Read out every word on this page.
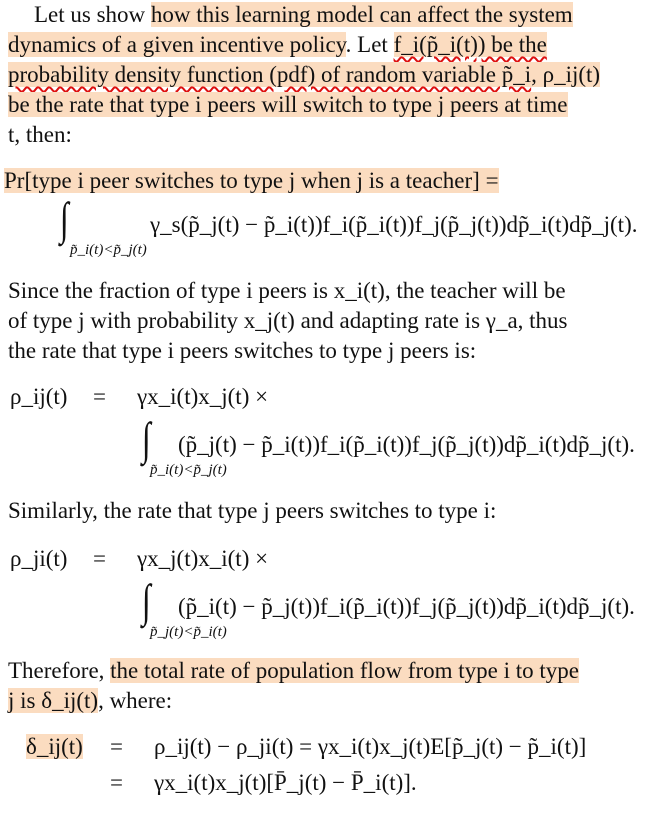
Let us show how this learning model can affect the system
dynamics of a given incentive policy. Let f_i(p̃_i(t)) be the
probability density function (pdf) of random variable p̃_i, ρ_ij(t)
be the rate that type i peers will switch to type j peers at time
t, then:
Pr[type i peer switches to type j when j is a teacher] =
∫	γ_s(p̃_j(t) − p̃_i(t))f_i(p̃_i(t))f_j(p̃_j(t))dp̃_i(t)dp̃_j(t).
p̃_i(t)<p̃_j(t)
Since the fraction of type i peers is x_i(t), the teacher will be
of type j with probability x_j(t) and adapting rate is γ_a, thus
the rate that type i peers switches to type j peers is:
ρ_ij(t) = γx_i(t)x_j(t) ×
∫ (p̃_j(t) − p̃_i(t))f_i(p̃_i(t))f_j(p̃_j(t))dp̃_i(t)dp̃_j(t).
p̃_i(t)<p̃_j(t)
Similarly, the rate that type j peers switches to type i:
ρ_ji(t) = γx_j(t)x_i(t) ×
∫ (p̃_i(t) − p̃_j(t))f_i(p̃_i(t))f_j(p̃_j(t))dp̃_i(t)dp̃_j(t).
p̃_j(t)<p̃_i(t)
Therefore, the total rate of population flow from type i to type
j is δ_ij(t), where:
δ_ij(t) = ρ_ij(t) − ρ_ji(t) = γx_i(t)x_j(t)E[p̃_j(t) − p̃_i(t)]
= γx_i(t)x_j(t)[P̄_j(t) − P̄_i(t)].
